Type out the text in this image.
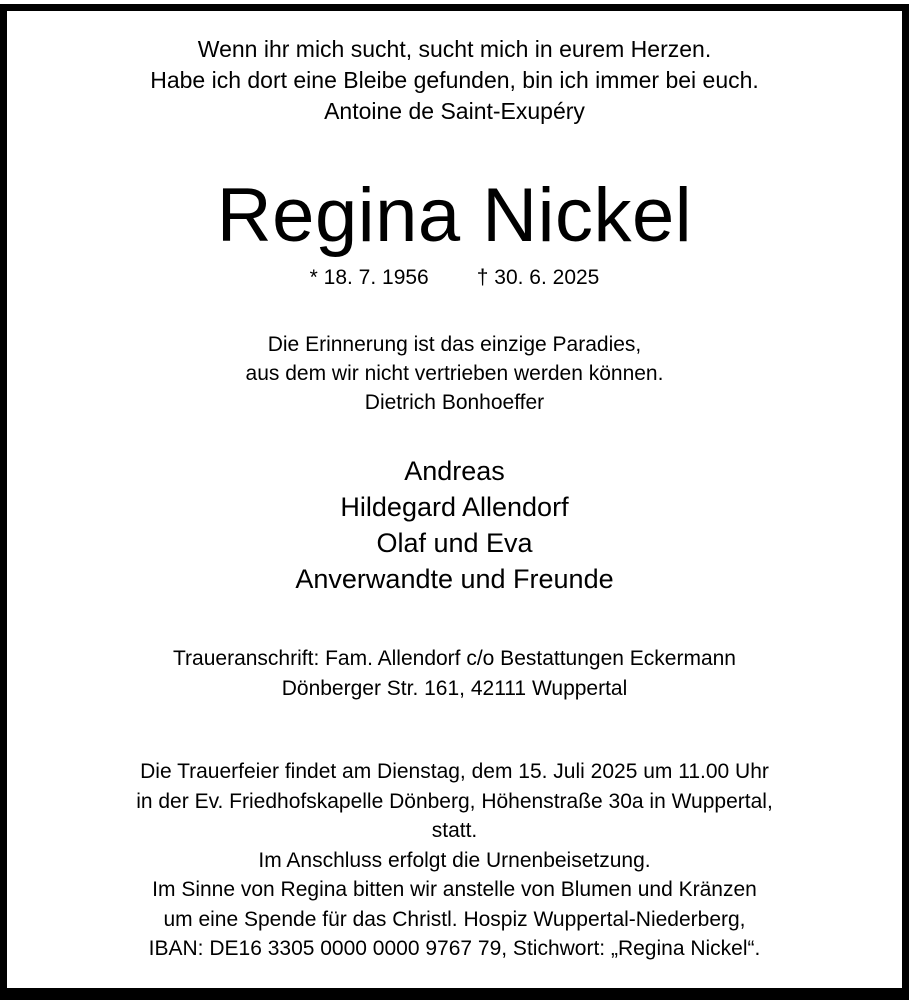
Wenn ihr mich sucht, sucht mich in eurem Herzen.
Habe ich dort eine Bleibe gefunden, bin ich immer bei euch.
Antoine de Saint-Exupéry
Regina Nickel
* 18. 7. 1956 † 30. 6. 2025
Die Erinnerung ist das einzige Paradies,
aus dem wir nicht vertrieben werden können.
Dietrich Bonhoeffer
Andreas
Hildegard Allendorf
Olaf und Eva
Anverwandte und Freunde
Traueranschrift: Fam. Allendorf c/o Bestattungen Eckermann
Dönberger Str. 161, 42111 Wuppertal
Die Trauerfeier findet am Dienstag, dem 15. Juli 2025 um 11.00 Uhr
in der Ev. Friedhofskapelle Dönberg, Höhenstraße 30a in Wuppertal,
statt.
Im Anschluss erfolgt die Urnenbeisetzung.
Im Sinne von Regina bitten wir anstelle von Blumen und Kränzen
um eine Spende für das Christl. Hospiz Wuppertal-Niederberg,
IBAN: DE16 3305 0000 0000 9767 79, Stichwort: „Regina Nickel“.
